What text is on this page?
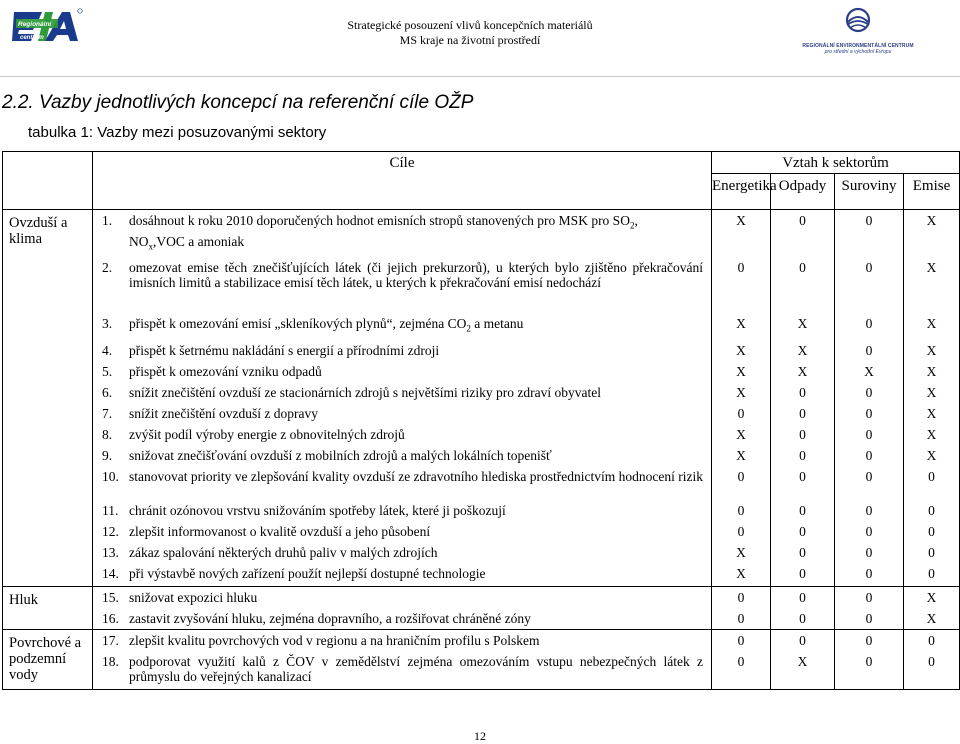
Regionální
centrum
Strategické posouzení vlivů koncepčních materiálů
MS kraje na životní prostředí	REGIONÁLNÍ ENVIRONMENTÁLNÍ CENTRUM
pro střední a východní Evropu
2.2. Vazby jednotlivých koncepcí na referenční cíle OŽP
tabulka 1: Vazby mezi posuzovanými sektory
	Cíle	Vztah k sektorům			
		Energetika	Odpady	Suroviny	Emise
Ovzduší a klima	1. dosáhnout k roku 2010 doporučených hodnot emisních stropů stanovených pro MSK pro $SO_2$,
$NO_x,VOC$ a amoniak	X	0	0	X

	2. omezovat emise těch znečišťujících látek (či jejich prekurzorů), u kterých bylo zjištěno překračování imisních limitů a stabilizace emisí těch látek, u kterých k překračování emisí nedochází	0	0	0	X

	3. přispět k omezování emisí „skleníkových plynů“, zejména $CO_2$ a metanu	X	X	0	X

	4. přispět k šetrnému nakládání s energií a přírodními zdroji	X	X	0	X

	5. přispět k omezování vzniku odpadů	X	X	X	X

	6. snížit znečištění ovzduší ze stacionárních zdrojů s největšími riziky pro zdraví obyvatel	X	0	0	X

	7. snížit znečištění ovzduší z dopravy	0	0	0	X

	8. zvýšit podíl výroby energie z obnovitelných zdrojů	X	0	0	X

	9. snižovat znečišťování ovzduší z mobilních zdrojů a malých lokálních topenišť	X	0	0	X

	10. stanovovat priority ve zlepšování kvality ovzduší ze zdravotního hlediska prostřednictvím hodnocení rizik	0	0	0	0

	11. chránit ozónovou vrstvu snižováním spotřeby látek, které ji poškozují	0	0	0	0

	12. zlepšit informovanost o kvalitě ovzduší a jeho působení	0	0	0	0

	13. zákaz spalování některých druhů paliv v malých zdrojích	X	0	0	0

	14. při výstavbě nových zařízení použít nejlepší dostupné technologie	X	0	0	0
Hluk	15. snižovat expozici hluku	0	0	0	X

	16. zastavit zvyšování hluku, zejména dopravního, a rozšiřovat chráněné zóny	0	0	0	X
Povrchové a podzemní vody	17. zlepšit kvalitu povrchových vod v regionu a na hraničním profilu s Polskem	0	0	0	0

	18. podporovat využití kalů z ČOV v zemědělství zejména omezováním vstupu nebezpečných látek z průmyslu do veřejných kanalizací	0	X	0	0
12
